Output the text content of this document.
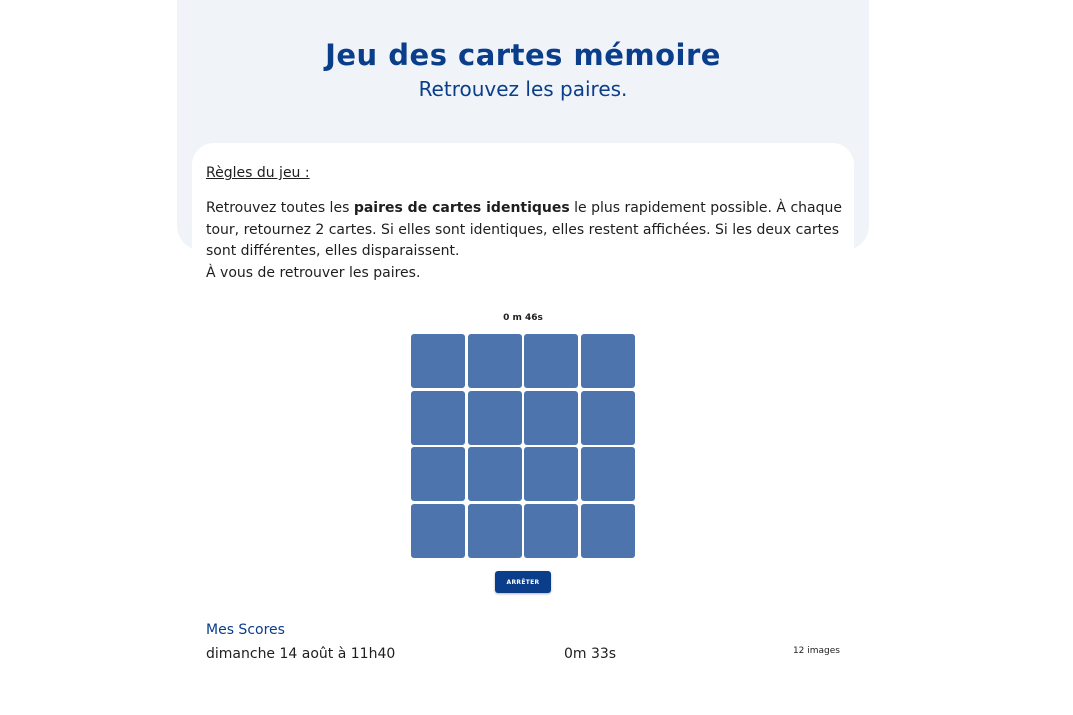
Jeu des cartes mémoire

Retrouvez les paires.

Règles du jeu :
Retrouvez toutes les paires de cartes identiques le plus rapidement possible. À chaque tour, retournez 2 cartes. Si elles sont identiques, elles restent affichées. Si les deux cartes sont différentes, elles disparaissent.
À vous de retrouver les paires.
0 m 46s
ARRÊTER
Mes Scores
dimanche 14 août à 11h40	0m 33s	12 images
